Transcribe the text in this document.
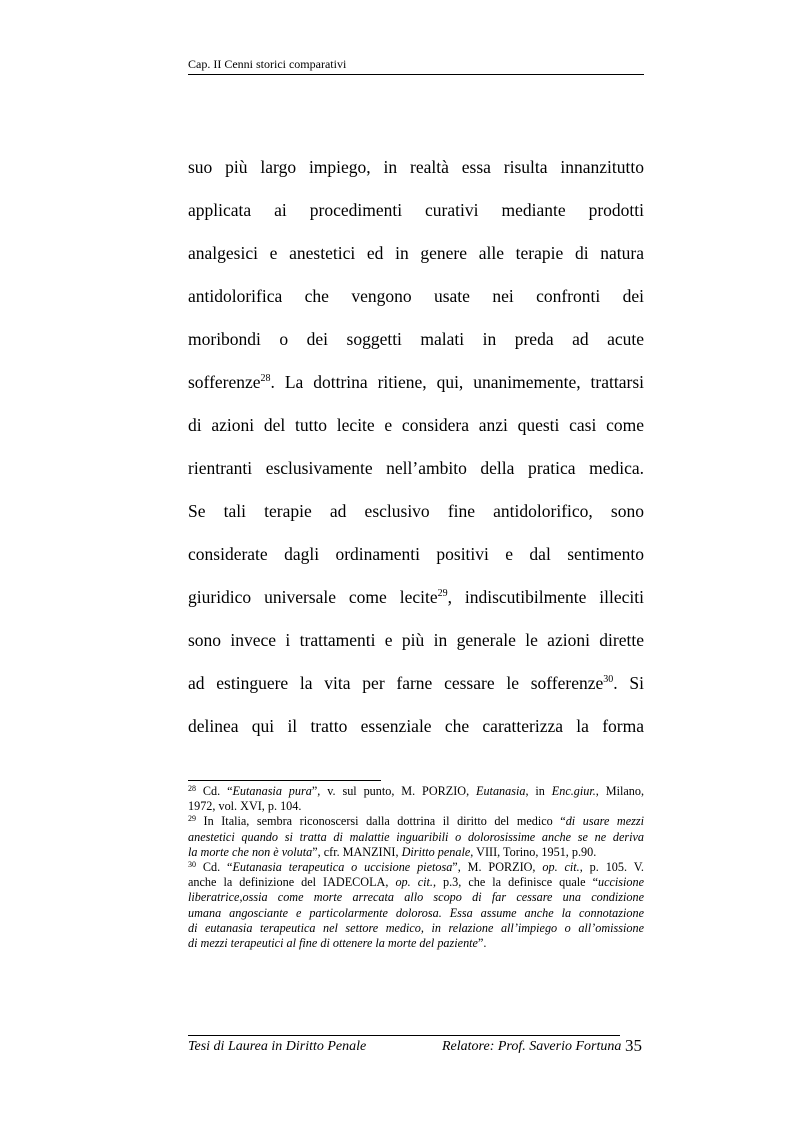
Cap. II Cenni storici comparativi
suo più largo impiego, in realtà essa risulta innanzitutto
applicata ai procedimenti curativi mediante prodotti
analgesici e anestetici ed in genere alle terapie di natura
antidolorifica che vengono usate nei confronti dei
moribondi o dei soggetti malati in preda ad acute
sofferenze$^{28}$. La dottrina ritiene, qui, unanimemente, trattarsi
di azioni del tutto lecite e considera anzi questi casi come
rientranti esclusivamente nell’ambito della pratica medica.
Se tali terapie ad esclusivo fine antidolorifico, sono
considerate dagli ordinamenti positivi e dal sentimento
giuridico universale come lecite$^{29}$, indiscutibilmente illeciti
sono invece i trattamenti e più in generale le azioni dirette
ad estinguere la vita per farne cessare le sofferenze$^{30}$. Si
delinea qui il tratto essenziale che caratterizza la forma
$^{28}$ Cd. “Eutanasia pura”, v. sul punto, M. PORZIO, Eutanasia, in Enc.giur., Milano,
1972, vol. XVI, p. 104.
$^{29}$ In Italia, sembra riconoscersi dalla dottrina il diritto del medico “di usare mezzi
anestetici quando si tratta di malattie inguaribili o dolorosissime anche se ne deriva
la morte che non è voluta”, cfr. MANZINI, Diritto penale, VIII, Torino, 1951, p.90.
$^{30}$ Cd. “Eutanasia terapeutica o uccisione pietosa”, M. PORZIO, op. cit., p. 105. V.
anche la definizione del IADECOLA, op. cit., p.3, che la definisce quale “uccisione
liberatrice,ossia come morte arrecata allo scopo di far cessare una condizione
umana angosciante e particolarmente dolorosa. Essa assume anche la connotazione
di eutanasia terapeutica nel settore medico, in relazione all’impiego o all’omissione
di mezzi terapeutici al fine di ottenere la morte del paziente”.
Tesi di Laurea in Diritto Penale	Relatore: Prof. Saverio Fortuna 35
